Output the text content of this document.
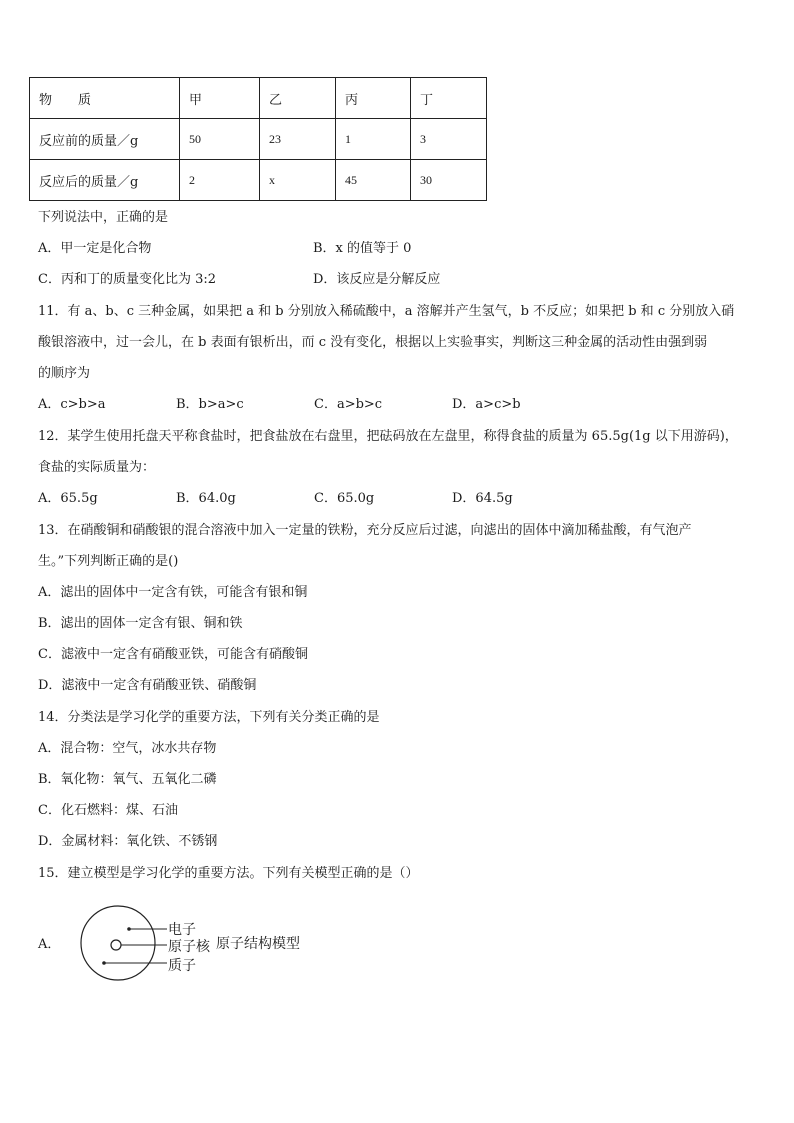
物　　质	甲	乙	丙	丁
反应前的质量／g	50	23	1	3
反应后的质量／g	2	x	45	30
下列说法中，正确的是
A．甲一定是化合物	B．x 的值等于 0
C．丙和丁的质量变化比为 3:2	D．该反应是分解反应
11．有 a、b、c 三种金属，如果把 a 和 b 分别放入稀硫酸中，a 溶解并产生氢气，b 不反应；如果把 b 和 c 分别放入硝
酸银溶液中，过一会儿，在 b 表面有银析出，而 c 没有变化，根据以上实验事实，判断这三种金属的活动性由强到弱
的顺序为
A．c>b>a	B．b>a>c	C．a>b>c	D．a>c>b
12．某学生使用托盘天平称食盐时，把食盐放在右盘里，把砝码放在左盘里，称得食盐的质量为 65.5g(1g 以下用游码)，
食盐的实际质量为：
A．65.5g	B．64.0g	C．65.0g	D．64.5g
13．在硝酸铜和硝酸银的混合溶液中加入一定量的铁粉，充分反应后过滤，向滤出的固体中滴加稀盐酸，有气泡产
生。”下列判断正确的是()
A．滤出的固体中一定含有铁，可能含有银和铜
B．滤出的固体一定含有银、铜和铁
C．滤液中一定含有硝酸亚铁，可能含有硝酸铜
D．滤液中一定含有硝酸亚铁、硝酸铜
14．分类法是学习化学的重要方法，下列有关分类正确的是
A．混合物：空气，冰水共存物
B．氧化物：氧气、五氧化二磷
C．化石燃料：煤、石油
D．金属材料：氧化铁、不锈钢
15．建立模型是学习化学的重要方法。下列有关模型正确的是（）
A．
电子
原子核
质子
原子结构模型
